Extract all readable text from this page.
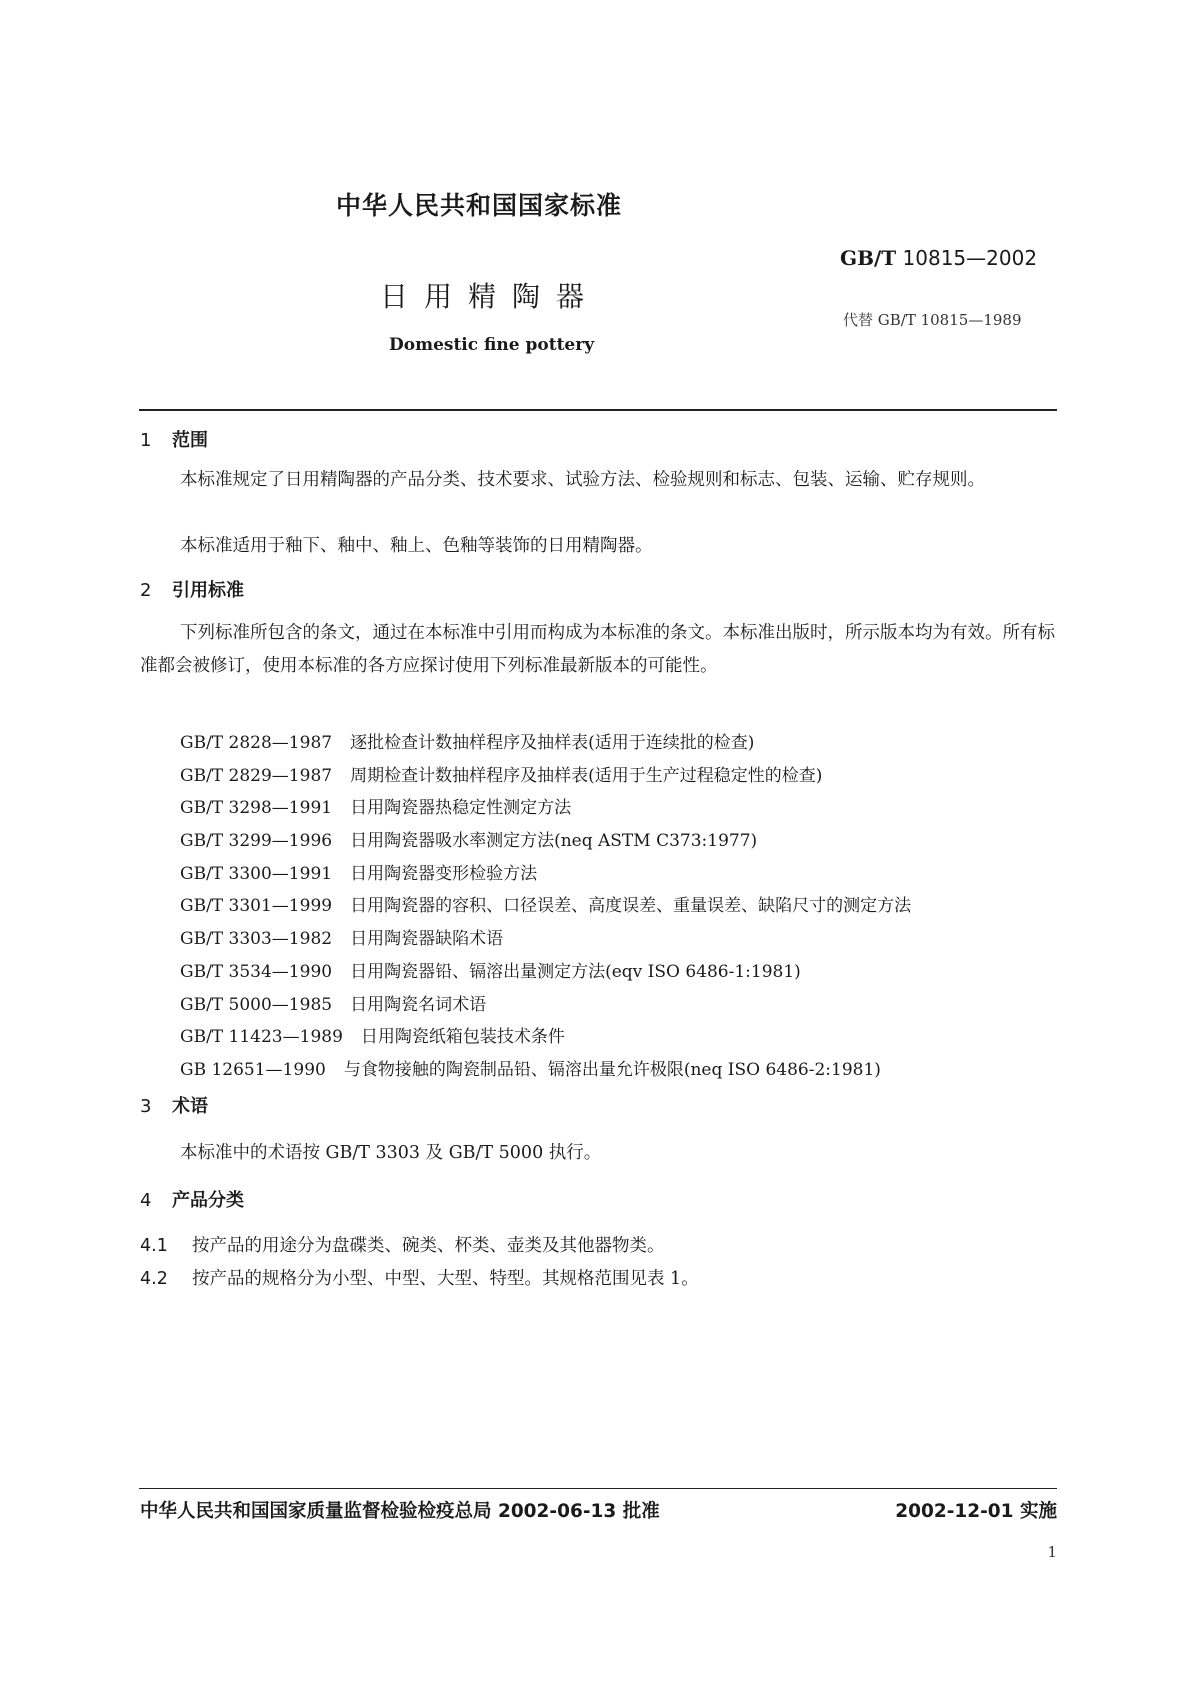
中华人民共和国国家标准
日用精陶器
Domestic fine pottery
GB/T 10815—2002
代替 GB/T 10815—1989
1 范围
本标准规定了日用精陶器的产品分类、技术要求、试验方法、检验规则和标志、包装、运输、贮存规则。
本标准适用于釉下、釉中、釉上、色釉等装饰的日用精陶器。
2 引用标准
下列标准所包含的条文，通过在本标准中引用而构成为本标准的条文。本标准出版时，所示版本均为有效。所有标准都会被修订，使用本标准的各方应探讨使用下列标准最新版本的可能性。
GB/T 2828—1987 逐批检查计数抽样程序及抽样表(适用于连续批的检查)
GB/T 2829—1987 周期检查计数抽样程序及抽样表(适用于生产过程稳定性的检查)
GB/T 3298—1991 日用陶瓷器热稳定性测定方法
GB/T 3299—1996 日用陶瓷器吸水率测定方法(neq ASTM C373:1977)
GB/T 3300—1991 日用陶瓷器变形检验方法
GB/T 3301—1999 日用陶瓷器的容积、口径误差、高度误差、重量误差、缺陷尺寸的测定方法
GB/T 3303—1982 日用陶瓷器缺陷术语
GB/T 3534—1990 日用陶瓷器铅、镉溶出量测定方法(eqv ISO 6486-1:1981)
GB/T 5000—1985 日用陶瓷名词术语
GB/T 11423—1989 日用陶瓷纸箱包装技术条件
GB 12651—1990 与食物接触的陶瓷制品铅、镉溶出量允许极限(neq ISO 6486-2:1981)
3 术语
本标准中的术语按 GB/T 3303 及 GB/T 5000 执行。
4 产品分类
4.1 按产品的用途分为盘碟类、碗类、杯类、壶类及其他器物类。
4.2 按产品的规格分为小型、中型、大型、特型。其规格范围见表 1。
中华人民共和国国家质量监督检验检疫总局 2002-06-13 批准	2002-12-01 实施
1
